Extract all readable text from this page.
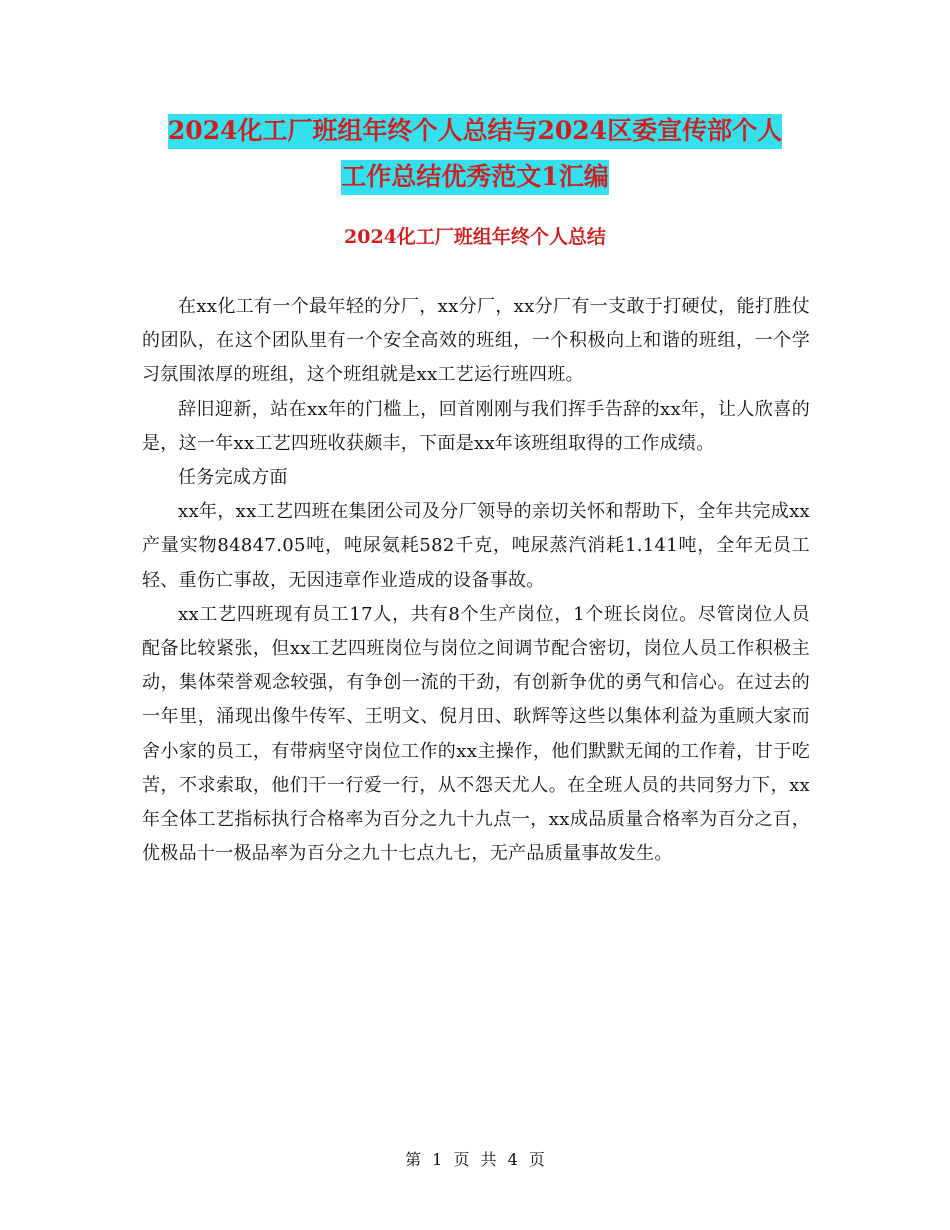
2024化工厂班组年终个人总结与2024区委宣传部个人
工作总结优秀范文1汇编
2024化工厂班组年终个人总结

在xx化工有一个最年轻的分厂，xx分厂，xx分厂有一支敢于打硬仗，能打胜仗的团队，在这个团队里有一个安全高效的班组，一个积极向上和谐的班组，一个学习氛围浓厚的班组，这个班组就是xx工艺运行班四班。

辞旧迎新，站在xx年的门槛上，回首刚刚与我们挥手告辞的xx年，让人欣喜的是，这一年xx工艺四班收获颇丰，下面是xx年该班组取得的工作成绩。

任务完成方面

xx年，xx工艺四班在集团公司及分厂领导的亲切关怀和帮助下，全年共完成xx产量实物84847.05吨，吨尿氨耗582千克，吨尿蒸汽消耗1.141吨，全年无员工轻、重伤亡事故，无因违章作业造成的设备事故。

xx工艺四班现有员工17人，共有8个生产岗位，1个班长岗位。尽管岗位人员配备比较紧张，但xx工艺四班岗位与岗位之间调节配合密切，岗位人员工作积极主动，集体荣誉观念较强，有争创一流的干劲，有创新争优的勇气和信心。在过去的一年里，涌现出像牛传军、王明文、倪月田、耿辉等这些以集体利益为重顾大家而舍小家的员工，有带病坚守岗位工作的xx主操作，他们默默无闻的工作着，甘于吃苦，不求索取，他们干一行爱一行，从不怨天尤人。在全班人员的共同努力下，xx年全体工艺指标执行合格率为百分之九十九点一，xx成品质量合格率为百分之百，优极品十一极品率为百分之九十七点九七，无产品质量事故发生。

第 1 页 共 4 页
